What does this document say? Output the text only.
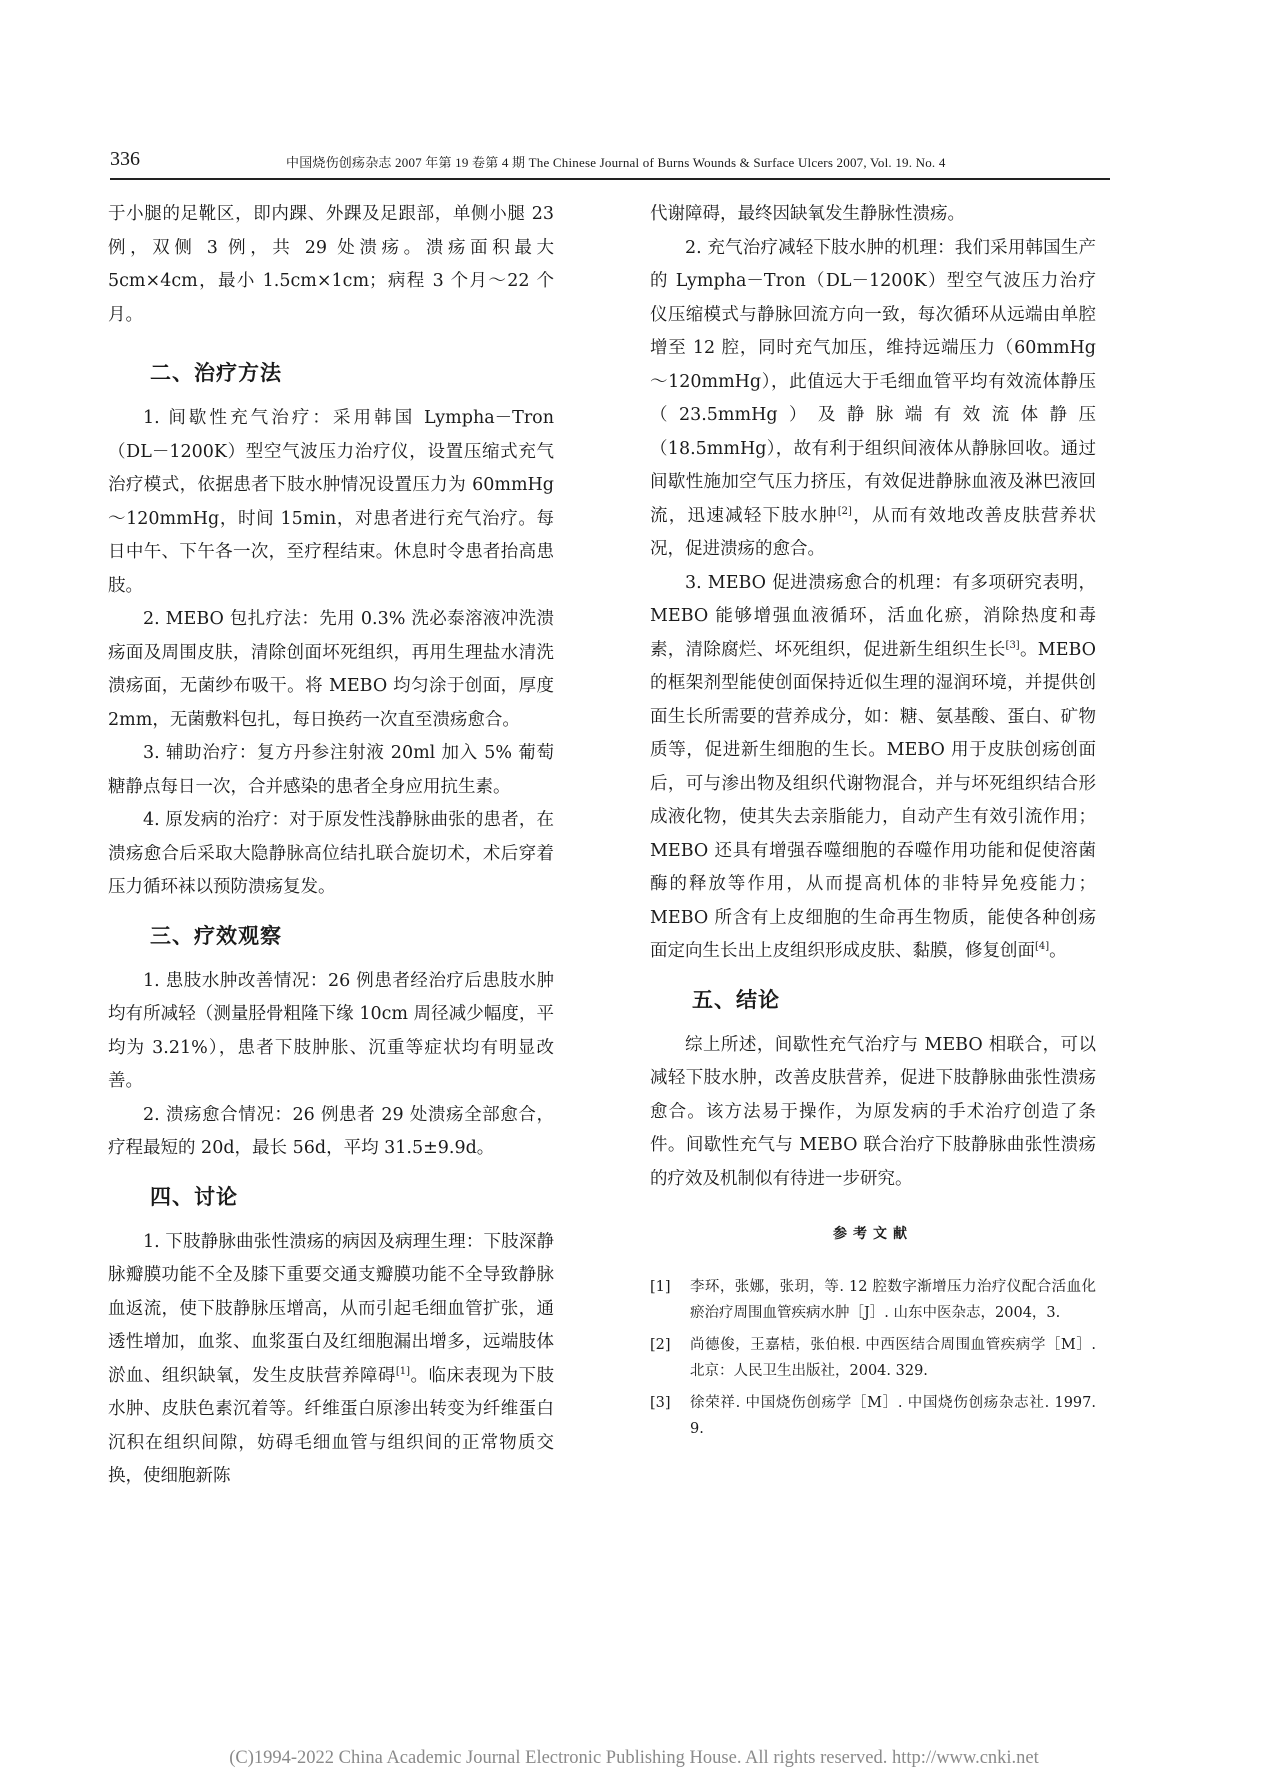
336	中国烧伤创疡杂志 2007 年第 19 卷第 4 期 The Chinese Journal of Burns Wounds & Surface Ulcers 2007, Vol. 19. No. 4

于小腿的足靴区，即内踝、外踝及足跟部，单侧小腿 23 例，双侧 3 例，共 29 处溃疡。溃疡面积最大 5cm×4cm，最小 1.5cm×1cm；病程 3 个月～22 个月。

二、治疗方法

1. 间歇性充气治疗：采用韩国 Lympha－Tron（DL－1200K）型空气波压力治疗仪，设置压缩式充气治疗模式，依据患者下肢水肿情况设置压力为 60mmHg～120mmHg，时间 15min，对患者进行充气治疗。每日中午、下午各一次，至疗程结束。休息时令患者抬高患肢。

2. MEBO 包扎疗法：先用 0.3% 洗必泰溶液冲洗溃疡面及周围皮肤，清除创面坏死组织，再用生理盐水清洗溃疡面，无菌纱布吸干。将 MEBO 均匀涂于创面，厚度 2mm，无菌敷料包扎，每日换药一次直至溃疡愈合。

3. 辅助治疗：复方丹参注射液 20ml 加入 5% 葡萄糖静点每日一次，合并感染的患者全身应用抗生素。

4. 原发病的治疗：对于原发性浅静脉曲张的患者，在溃疡愈合后采取大隐静脉高位结扎联合旋切术，术后穿着压力循环袜以预防溃疡复发。

三、疗效观察

1. 患肢水肿改善情况：26 例患者经治疗后患肢水肿均有所减轻（测量胫骨粗隆下缘 10cm 周径减少幅度，平均为 3.21%），患者下肢肿胀、沉重等症状均有明显改善。

2. 溃疡愈合情况：26 例患者 29 处溃疡全部愈合，疗程最短的 20d，最长 56d，平均 31.5±9.9d。

四、讨论

1. 下肢静脉曲张性溃疡的病因及病理生理：下肢深静脉瓣膜功能不全及膝下重要交通支瓣膜功能不全导致静脉血返流，使下肢静脉压增高，从而引起毛细血管扩张，通透性增加，血浆、血浆蛋白及红细胞漏出增多，远端肢体淤血、组织缺氧，发生皮肤营养障碍[1]。临床表现为下肢水肿、皮肤色素沉着等。纤维蛋白原渗出转变为纤维蛋白沉积在组织间隙，妨碍毛细血管与组织间的正常物质交换，使细胞新陈

代谢障碍，最终因缺氧发生静脉性溃疡。

2. 充气治疗减轻下肢水肿的机理：我们采用韩国生产的 Lympha－Tron（DL－1200K）型空气波压力治疗仪压缩模式与静脉回流方向一致，每次循环从远端由单腔增至 12 腔，同时充气加压，维持远端压力（60mmHg～120mmHg），此值远大于毛细血管平均有效流体静压（23.5mmHg）及静脉端有效流体静压（18.5mmHg），故有利于组织间液体从静脉回收。通过间歇性施加空气压力挤压，有效促进静脉血液及淋巴液回流，迅速减轻下肢水肿[2]，从而有效地改善皮肤营养状况，促进溃疡的愈合。

3. MEBO 促进溃疡愈合的机理：有多项研究表明，MEBO 能够增强血液循环，活血化瘀，消除热度和毒素，清除腐烂、坏死组织，促进新生组织生长[3]。MEBO 的框架剂型能使创面保持近似生理的湿润环境，并提供创面生长所需要的营养成分，如：糖、氨基酸、蛋白、矿物质等，促进新生细胞的生长。MEBO 用于皮肤创疡创面后，可与渗出物及组织代谢物混合，并与坏死组织结合形成液化物，使其失去亲脂能力，自动产生有效引流作用；MEBO 还具有增强吞噬细胞的吞噬作用功能和促使溶菌酶的释放等作用，从而提高机体的非特异免疫能力；MEBO 所含有上皮细胞的生命再生物质，能使各种创疡面定向生长出上皮组织形成皮肤、黏膜，修复创面[4]。

五、结论

综上所述，间歇性充气治疗与 MEBO 相联合，可以减轻下肢水肿，改善皮肤营养，促进下肢静脉曲张性溃疡愈合。该方法易于操作，为原发病的手术治疗创造了条件。间歇性充气与 MEBO 联合治疗下肢静脉曲张性溃疡的疗效及机制似有待进一步研究。

参考文献
[1]	李环，张娜，张玥，等. 12 腔数字渐增压力治疗仪配合活血化瘀治疗周围血管疾病水肿［J］. 山东中医杂志，2004，3.
[2]	尚德俊，王嘉桔，张伯根. 中西医结合周围血管疾病学［M］. 北京：人民卫生出版社，2004. 329.
[3]	徐荣祥. 中国烧伤创疡学［M］. 中国烧伤创疡杂志社. 1997. 9.
(C)1994-2022 China Academic Journal Electronic Publishing House. All rights reserved. http://www.cnki.net
